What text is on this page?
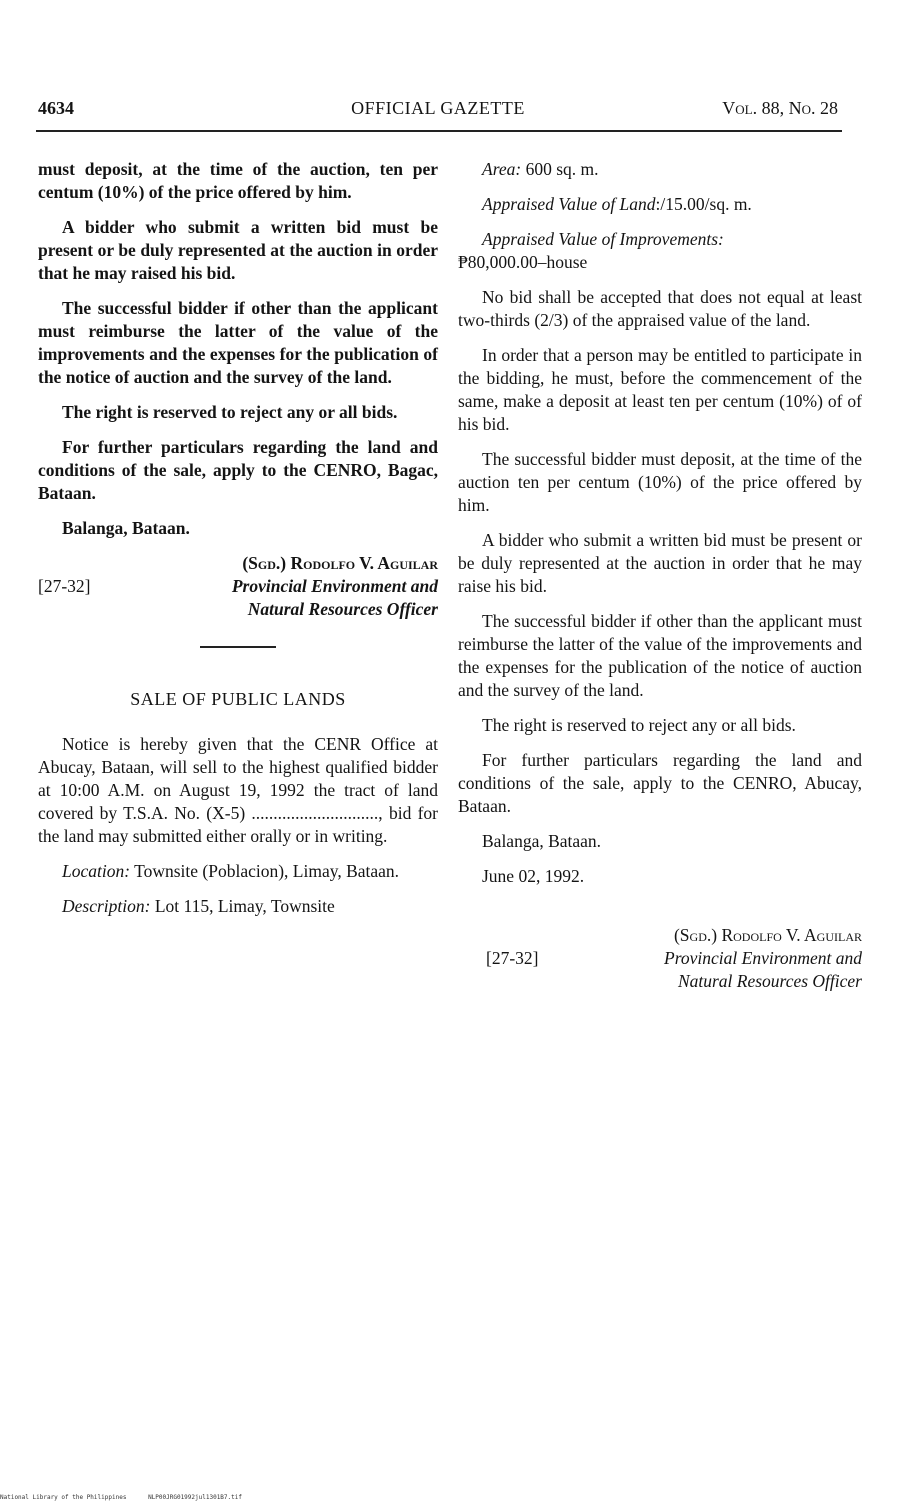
4634	OFFICIAL GAZETTE	Vol. 88, No. 28

must deposit, at the time of the auction, ten per centum (10%) of the price offered by him.

A bidder who submit a written bid must be present or be duly represented at the auction in order that he may raised his bid.

The successful bidder if other than the applicant must reimburse the latter of the value of the improvements and the expenses for the publication of the notice of auction and the survey of the land.

The right is reserved to reject any or all bids.

For further particulars regarding the land and conditions of the sale, apply to the CENRO, Bagac, Bataan.

Balanga, Bataan.

[27-32]
(Sgd.) Rodolfo V. Aguilar
Provincial Environment and
Natural Resources Officer
SALE OF PUBLIC LANDS

Notice is hereby given that the CENR Office at Abucay, Bataan, will sell to the highest qualified bidder at 10:00 A.M. on August 19, 1992 the tract of land covered by T.S.A. No. (X-5) ............................., bid for the land may submitted either orally or in writing.

Location: Townsite (Poblacion), Limay, Bataan.

Description: Lot 115, Limay, Townsite

Area: 600 sq. m.

Appraised Value of Land:/15.00/sq. m.

Appraised Value of Improvements:
₱80,000.00–house

No bid shall be accepted that does not equal at least two-thirds (2/3) of the appraised value of the land.

In order that a person may be entitled to participate in the bidding, he must, before the commencement of the same, make a deposit at least ten per centum (10%) of of his bid.

The successful bidder must deposit, at the time of the auction ten per centum (10%) of the price offered by him.

A bidder who submit a written bid must be present or be duly represented at the auction in order that he may raise his bid.

The successful bidder if other than the applicant must reimburse the latter of the value of the improvements and the expenses for the publication of the notice of auction and the survey of the land.

The right is reserved to reject any or all bids.

For further particulars regarding the land and conditions of the sale, apply to the CENRO, Abucay, Bataan.

Balanga, Bataan.

June 02, 1992.

[27-32]
(Sgd.) Rodolfo V. Aguilar
Provincial Environment and
Natural Resources Officer
National Library of the Philippines	NLP00JRG01992jul1301B7.tif
